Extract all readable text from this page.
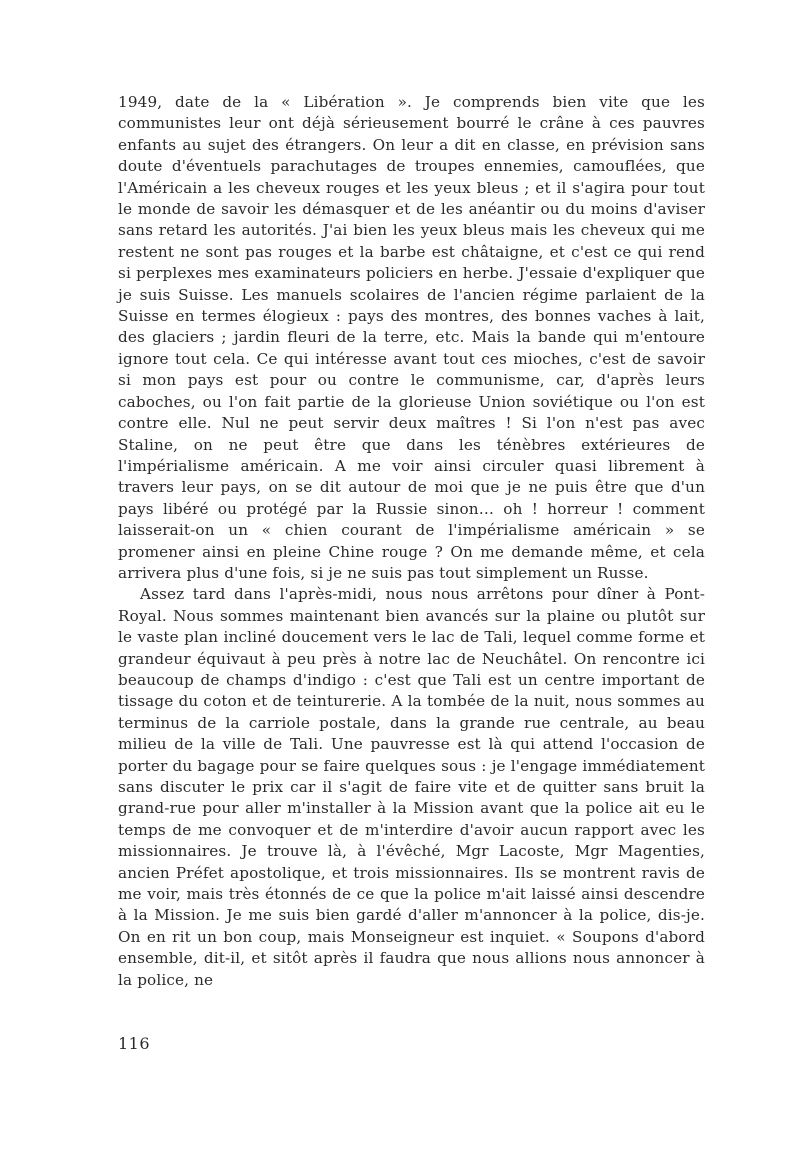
1949, date de la « Libération ». Je comprends bien vite que les communistes leur ont déjà sérieusement bourré le crâne à ces pauvres enfants au sujet des étrangers. On leur a dit en classe, en prévision sans doute d'éventuels parachutages de troupes ennemies, camouflées, que l'Américain a les cheveux rouges et les yeux bleus ; et il s'agira pour tout le monde de savoir les démasquer et de les anéantir ou du moins d'aviser sans retard les autorités. J'ai bien les yeux bleus mais les cheveux qui me restent ne sont pas rouges et la barbe est châtaigne, et c'est ce qui rend si perplexes mes examinateurs policiers en herbe. J'essaie d'expliquer que je suis Suisse. Les manuels scolaires de l'ancien régime parlaient de la Suisse en termes élogieux : pays des montres, des bonnes vaches à lait, des glaciers ; jardin fleuri de la terre, etc. Mais la bande qui m'entoure ignore tout cela. Ce qui intéresse avant tout ces mioches, c'est de savoir si mon pays est pour ou contre le communisme, car, d'après leurs caboches, ou l'on fait partie de la glorieuse Union soviétique ou l'on est contre elle. Nul ne peut servir deux maîtres ! Si l'on n'est pas avec Staline, on ne peut être que dans les ténèbres extérieures de l'impérialisme américain. A me voir ainsi circuler quasi librement à travers leur pays, on se dit autour de moi que je ne puis être que d'un pays libéré ou protégé par la Russie sinon… oh ! horreur ! comment laisserait-on un « chien courant de l'impérialisme américain » se promener ainsi en pleine Chine rouge ? On me demande même, et cela arrivera plus d'une fois, si je ne suis pas tout simplement un Russe.

Assez tard dans l'après-midi, nous nous arrêtons pour dîner à Pont-Royal. Nous sommes maintenant bien avancés sur la plaine ou plutôt sur le vaste plan incliné doucement vers le lac de Tali, lequel comme forme et grandeur équivaut à peu près à notre lac de Neuchâtel. On rencontre ici beaucoup de champs d'indigo : c'est que Tali est un centre important de tissage du coton et de teinturerie. A la tombée de la nuit, nous sommes au terminus de la carriole postale, dans la grande rue centrale, au beau milieu de la ville de Tali. Une pauvresse est là qui attend l'occasion de porter du bagage pour se faire quelques sous : je l'engage immédiatement sans discuter le prix car il s'agit de faire vite et de quitter sans bruit la grand-rue pour aller m'installer à la Mission avant que la police ait eu le temps de me convoquer et de m'interdire d'avoir aucun rapport avec les missionnaires. Je trouve là, à l'évêché, Mgr Lacoste, Mgr Magenties, ancien Préfet apostolique, et trois missionnaires. Ils se montrent ravis de me voir, mais très étonnés de ce que la police m'ait laissé ainsi descendre à la Mission. Je me suis bien gardé d'aller m'annoncer à la police, dis-je. On en rit un bon coup, mais Monseigneur est inquiet. « Soupons d'abord ensemble, dit-il, et sitôt après il faudra que nous allions nous annoncer à la police, ne

116
